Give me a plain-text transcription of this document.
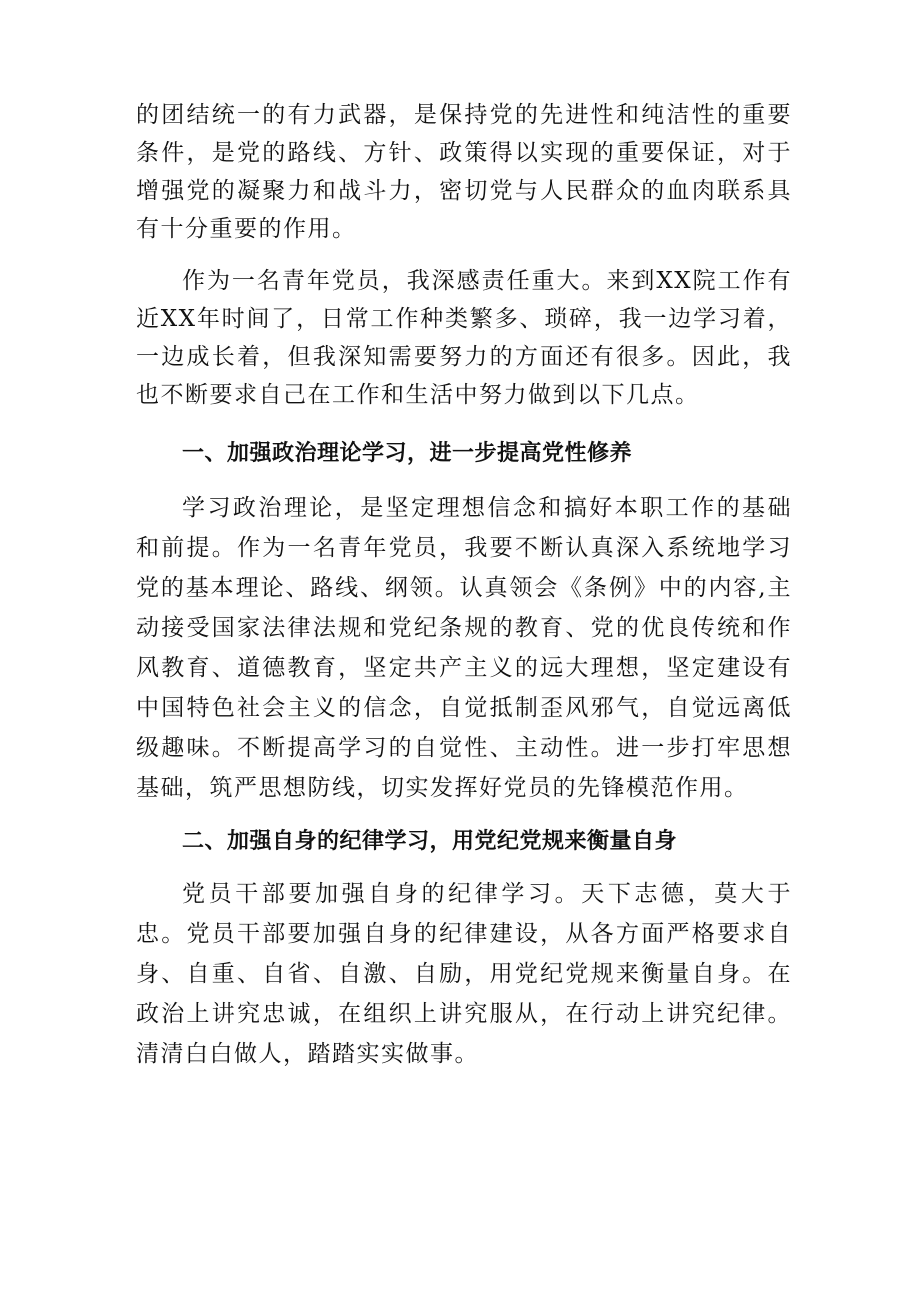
的团结统一的有力武器，是保持党的先进性和纯洁性的重要条件，是党的路线、方针、政策得以实现的重要保证，对于增强党的凝聚力和战斗力，密切党与人民群众的血肉联系具有十分重要的作用。

作为一名青年党员，我深感责任重大。来到XX院工作有近XX年时间了，日常工作种类繁多、琐碎，我一边学习着，一边成长着，但我深知需要努力的方面还有很多。因此，我也不断要求自己在工作和生活中努力做到以下几点。

一、加强政治理论学习，进一步提高党性修养

学习政治理论，是坚定理想信念和搞好本职工作的基础和前提。作为一名青年党员，我要不断认真深入系统地学习党的基本理论、路线、纲领。认真领会《条例》中的内容,主动接受国家法律法规和党纪条规的教育、党的优良传统和作风教育、道德教育，坚定共产主义的远大理想，坚定建设有中国特色社会主义的信念，自觉抵制歪风邪气，自觉远离低级趣味。不断提高学习的自觉性、主动性。进一步打牢思想基础，筑严思想防线，切实发挥好党员的先锋模范作用。

二、加强自身的纪律学习，用党纪党规来衡量自身

党员干部要加强自身的纪律学习。天下志德，莫大于忠。党员干部要加强自身的纪律建设，从各方面严格要求自身、自重、自省、自激、自励，用党纪党规来衡量自身。在政治上讲究忠诚，在组织上讲究服从，在行动上讲究纪律。清清白白做人，踏踏实实做事。
